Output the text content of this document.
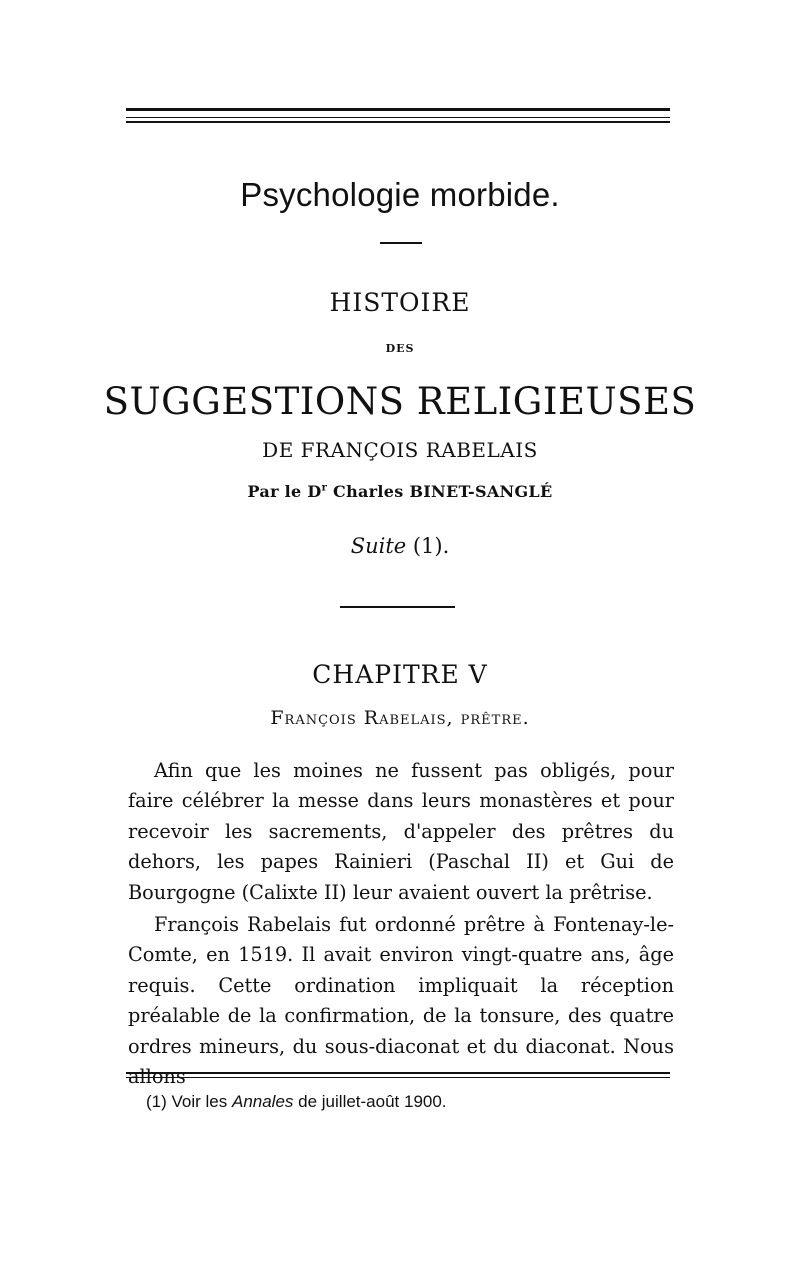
Psychologie morbide.
HISTOIRE
DES
SUGGESTIONS RELIGIEUSES
DE FRANÇOIS RABELAIS
Par le $D^r$ Charles BINET-SANGLÉ
Suite (1).
CHAPITRE V
François Rabelais, prêtre.

Afin que les moines ne fussent pas obligés, pour faire célébrer la messe dans leurs monastères et pour recevoir les sacrements, d'appeler des prêtres du dehors, les papes Rainieri (Paschal II) et Gui de Bourgogne (Calixte II) leur avaient ouvert la prêtrise.

François Rabelais fut ordonné prêtre à Fontenay-le-Comte, en 1519. Il avait environ vingt-quatre ans, âge requis. Cette ordination impliquait la réception préalable de la confirmation, de la tonsure, des quatre ordres mineurs, du sous-diaconat et du diaconat. Nous

(1) Voir les Annales de juillet-août 1900.
